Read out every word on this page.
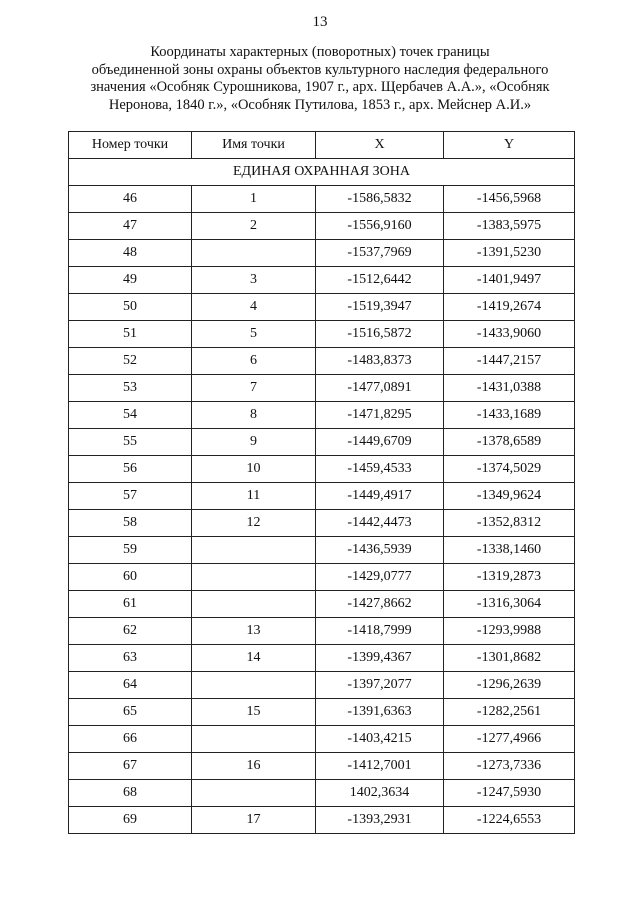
13
Координаты характерных (поворотных) точек границы
объединенной зоны охраны объектов культурного наследия федерального
значения «Особняк Сурошникова, 1907 г., арх. Щербачев А.А.», «Особняк
Неронова, 1840 г.», «Особняк Путилова, 1853 г., арх. Мейснер А.И.»
Номер точки	Имя точки	X	Y
ЕДИНАЯ ОХРАННАЯ ЗОНА			
46	1	-1586,5832	-1456,5968
47	2	-1556,9160	-1383,5975
48		-1537,7969	-1391,5230
49	3	-1512,6442	-1401,9497
50	4	-1519,3947	-1419,2674
51	5	-1516,5872	-1433,9060
52	6	-1483,8373	-1447,2157
53	7	-1477,0891	-1431,0388
54	8	-1471,8295	-1433,1689
55	9	-1449,6709	-1378,6589
56	10	-1459,4533	-1374,5029
57	11	-1449,4917	-1349,9624
58	12	-1442,4473	-1352,8312
59		-1436,5939	-1338,1460
60		-1429,0777	-1319,2873
61		-1427,8662	-1316,3064
62	13	-1418,7999	-1293,9988
63	14	-1399,4367	-1301,8682
64		-1397,2077	-1296,2639
65	15	-1391,6363	-1282,2561
66		-1403,4215	-1277,4966
67	16	-1412,7001	-1273,7336
68		1402,3634	-1247,5930
69	17	-1393,2931	-1224,6553
